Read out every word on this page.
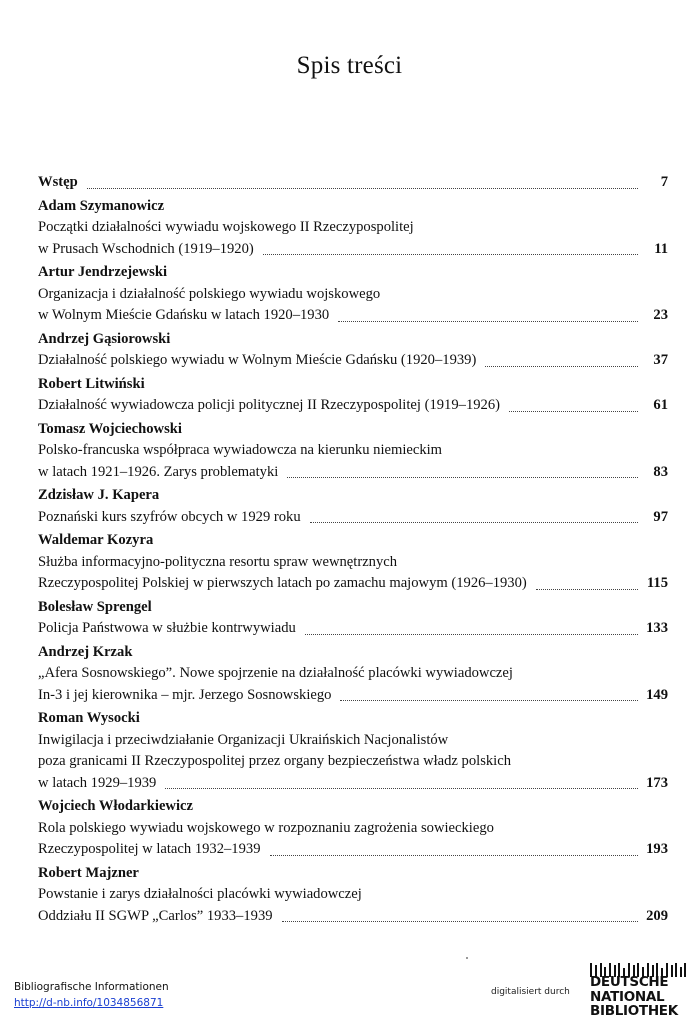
Spis treści
Wstęp	7
Adam Szymanowicz
Początki działalności wywiadu wojskowego II Rzeczypospolitej
w Prusach Wschodnich (1919–1920)	11
Artur Jendrzejewski
Organizacja i działalność polskiego wywiadu wojskowego
w Wolnym Mieście Gdańsku w latach 1920–1930	23
Andrzej Gąsiorowski
Działalność polskiego wywiadu w Wolnym Mieście Gdańsku (1920–1939)	37
Robert Litwiński
Działalność wywiadowcza policji politycznej II Rzeczypospolitej (1919–1926)	61
Tomasz Wojciechowski
Polsko-francuska współpraca wywiadowcza na kierunku niemieckim
w latach 1921–1926. Zarys problematyki	83
Zdzisław J. Kapera
Poznański kurs szyfrów obcych w 1929 roku	97
Waldemar Kozyra
Służba informacyjno-polityczna resortu spraw wewnętrznych
Rzeczypospolitej Polskiej w pierwszych latach po zamachu majowym (1926–1930)	115
Bolesław Sprengel
Policja Państwowa w służbie kontrwywiadu	133
Andrzej Krzak
„Afera Sosnowskiego”. Nowe spojrzenie na działalność placówki wywiadowczej
In-3 i jej kierownika – mjr. Jerzego Sosnowskiego	149
Roman Wysocki
Inwigilacja i przeciwdziałanie Organizacji Ukraińskich Nacjonalistów
poza granicami II Rzeczypospolitej przez organy bezpieczeństwa władz polskich
w latach 1929–1939	173
Wojciech Włodarkiewicz
Rola polskiego wywiadu wojskowego w rozpoznaniu zagrożenia sowieckiego
Rzeczypospolitej w latach 1932–1939	193
Robert Majzner
Powstanie i zarys działalności placówki wywiadowczej
Oddziału II SGWP „Carlos” 1933–1939	209
Bibliografische Informationen
http://d-nb.info/1034856871
digitalisiert durch
DEUTSCHE
NATIONAL
BIBLIOTHEK
